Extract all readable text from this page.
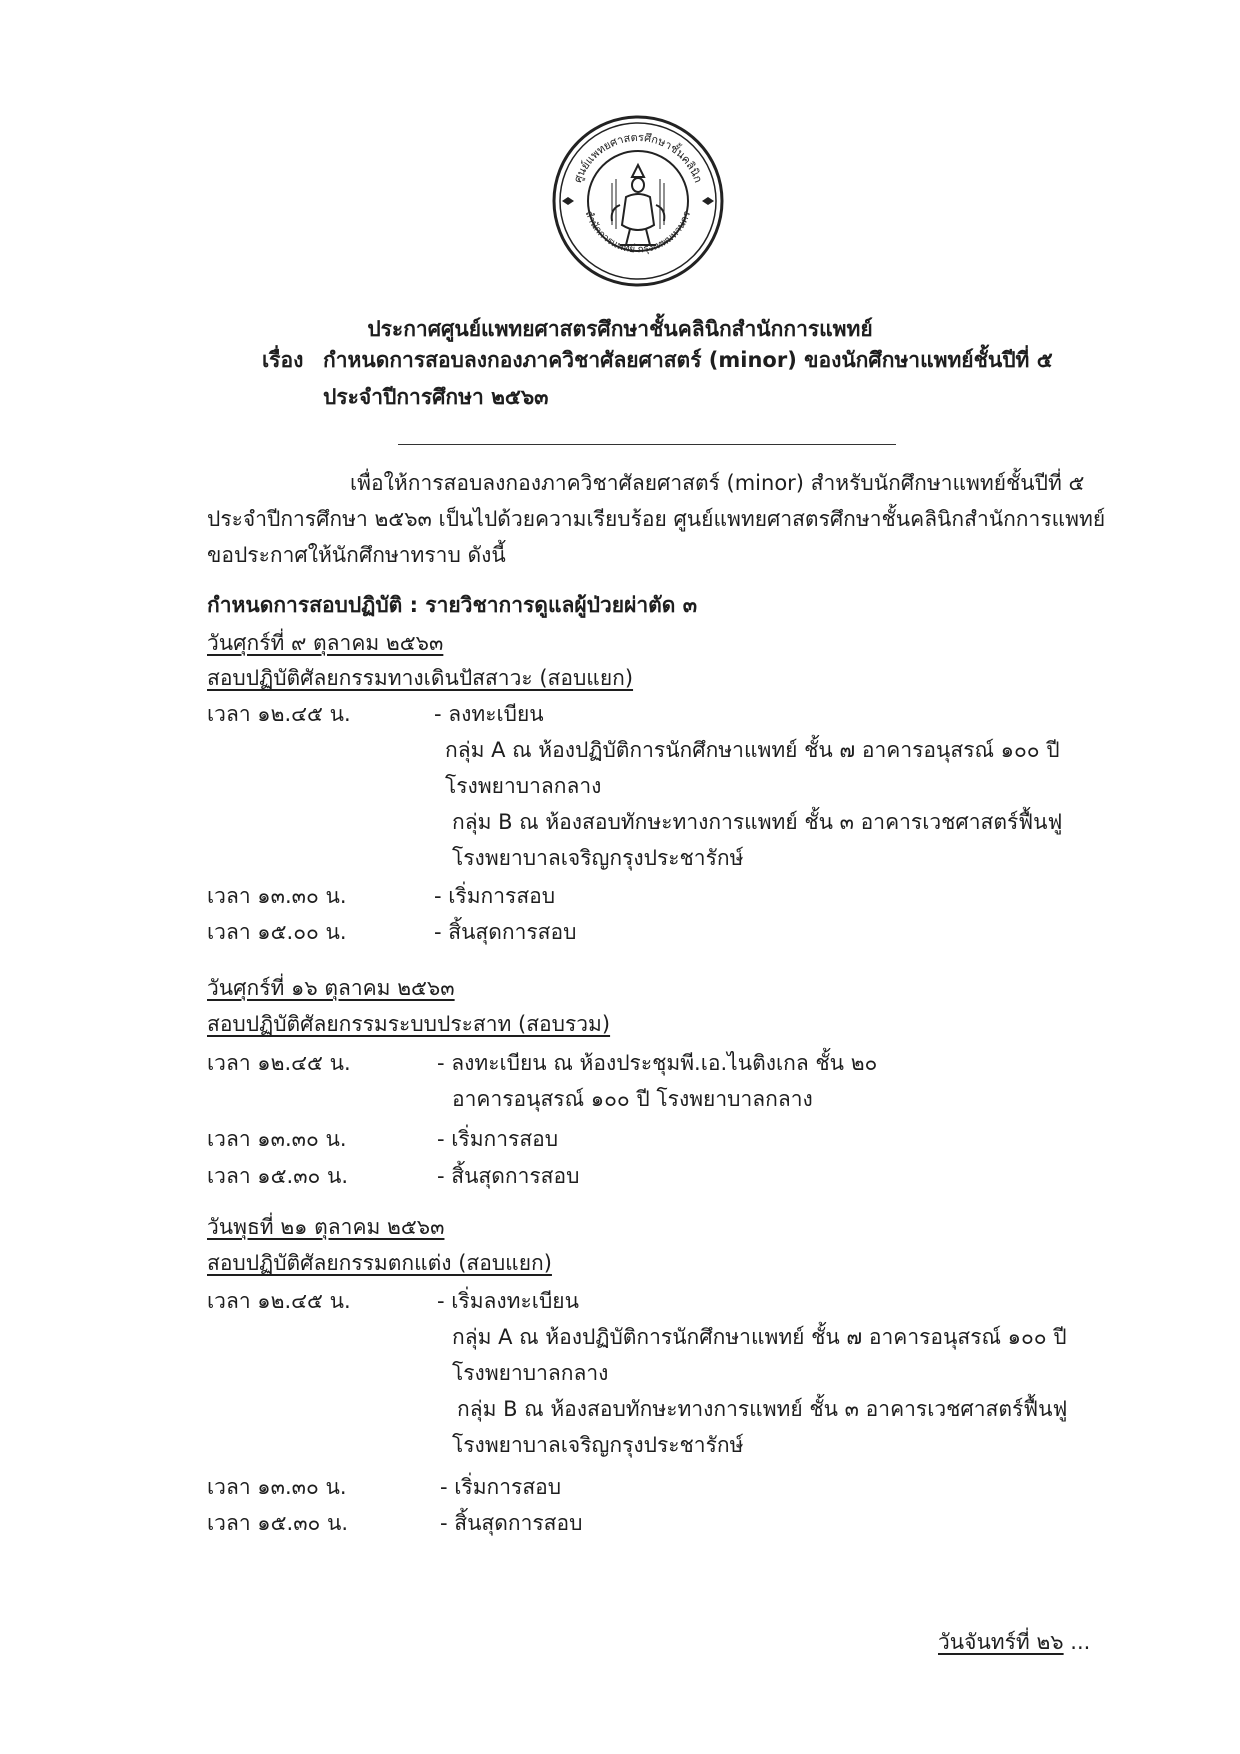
ศูนย์แพทยศาสตรศึกษาชั้นคลินิก
สำนักการแพทย์ กรุงเทพมหานคร
ประกาศศูนย์แพทยศาสตรศึกษาชั้นคลินิกสำนักการแพทย์
เรื่อง กำหนดการสอบลงกองภาควิชาศัลยศาสตร์ (minor) ของนักศึกษาแพทย์ชั้นปีที่ ๕
ประจำปีการศึกษา ๒๕๖๓
เพื่อให้การสอบลงกองภาควิชาศัลยศาสตร์ (minor) สำหรับนักศึกษาแพทย์ชั้นปีที่ ๕
ประจำปีการศึกษา ๒๕๖๓ เป็นไปด้วยความเรียบร้อย ศูนย์แพทยศาสตรศึกษาชั้นคลินิกสำนักการแพทย์
ขอประกาศให้นักศึกษาทราบ ดังนี้
กำหนดการสอบปฏิบัติ : รายวิชาการดูแลผู้ป่วยผ่าตัด ๓
วันศุกร์ที่ ๙ ตุลาคม ๒๕๖๓
สอบปฏิบัติศัลยกรรมทางเดินปัสสาวะ (สอบแยก)
เวลา ๑๒.๔๕ น.	- ลงทะเบียน
กลุ่ม A ณ ห้องปฏิบัติการนักศึกษาแพทย์ ชั้น ๗ อาคารอนุสรณ์ ๑๐๐ ปี
โรงพยาบาลกลาง
กลุ่ม B ณ ห้องสอบทักษะทางการแพทย์ ชั้น ๓ อาคารเวชศาสตร์ฟื้นฟู
โรงพยาบาลเจริญกรุงประชารักษ์
เวลา ๑๓.๓๐ น.	- เริ่มการสอบ
เวลา ๑๕.๐๐ น.	- สิ้นสุดการสอบ
วันศุกร์ที่ ๑๖ ตุลาคม ๒๕๖๓
สอบปฏิบัติศัลยกรรมระบบประสาท (สอบรวม)
เวลา ๑๒.๔๕ น.	- ลงทะเบียน ณ ห้องประชุมพี.เอ.ไนติงเกล ชั้น ๒๐
อาคารอนุสรณ์ ๑๐๐ ปี โรงพยาบาลกลาง
เวลา ๑๓.๓๐ น.	- เริ่มการสอบ
เวลา ๑๕.๓๐ น.	- สิ้นสุดการสอบ
วันพุธที่ ๒๑ ตุลาคม ๒๕๖๓
สอบปฏิบัติศัลยกรรมตกแต่ง (สอบแยก)
เวลา ๑๒.๔๕ น.	- เริ่มลงทะเบียน
กลุ่ม A ณ ห้องปฏิบัติการนักศึกษาแพทย์ ชั้น ๗ อาคารอนุสรณ์ ๑๐๐ ปี
โรงพยาบาลกลาง
กลุ่ม B ณ ห้องสอบทักษะทางการแพทย์ ชั้น ๓ อาคารเวชศาสตร์ฟื้นฟู
โรงพยาบาลเจริญกรุงประชารักษ์
เวลา ๑๓.๓๐ น.	- เริ่มการสอบ
เวลา ๑๕.๓๐ น.	- สิ้นสุดการสอบ
วันจันทร์ที่ ๒๖ ...
